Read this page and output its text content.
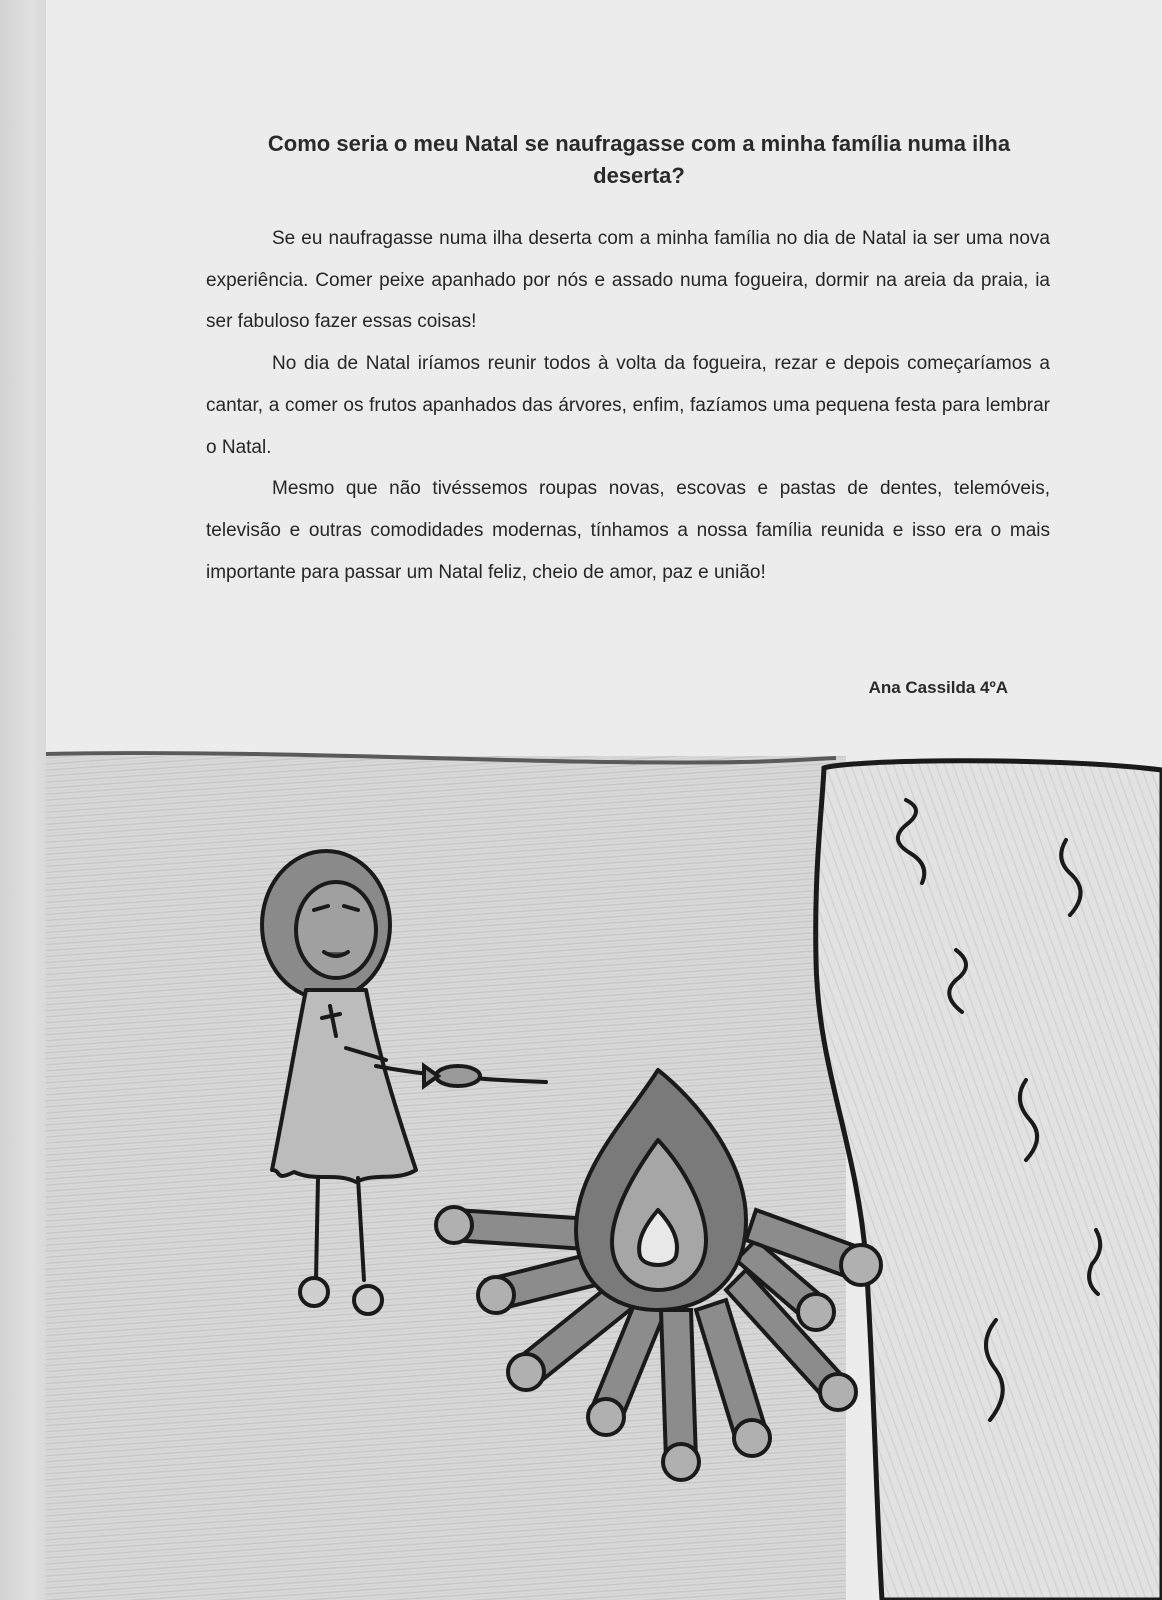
Como seria o meu Natal se naufragasse com a minha família numa ilha deserta?

Se eu naufragasse numa ilha deserta com a minha família no dia de Natal ia ser uma nova experiência. Comer peixe apanhado por nós e assado numa fogueira, dormir na areia da praia, ia ser fabuloso fazer essas coisas!

No dia de Natal iríamos reunir todos à volta da fogueira, rezar e depois começaríamos a cantar, a comer os frutos apanhados das árvores, enfim, fazíamos uma pequena festa para lembrar o Natal.

Mesmo que não tivéssemos roupas novas, escovas e pastas de dentes, telemóveis, televisão e outras comodidades modernas, tínhamos a nossa família reunida e isso era o mais importante para passar um Natal feliz, cheio de amor, paz e união!

Ana Cassilda 4ºA
